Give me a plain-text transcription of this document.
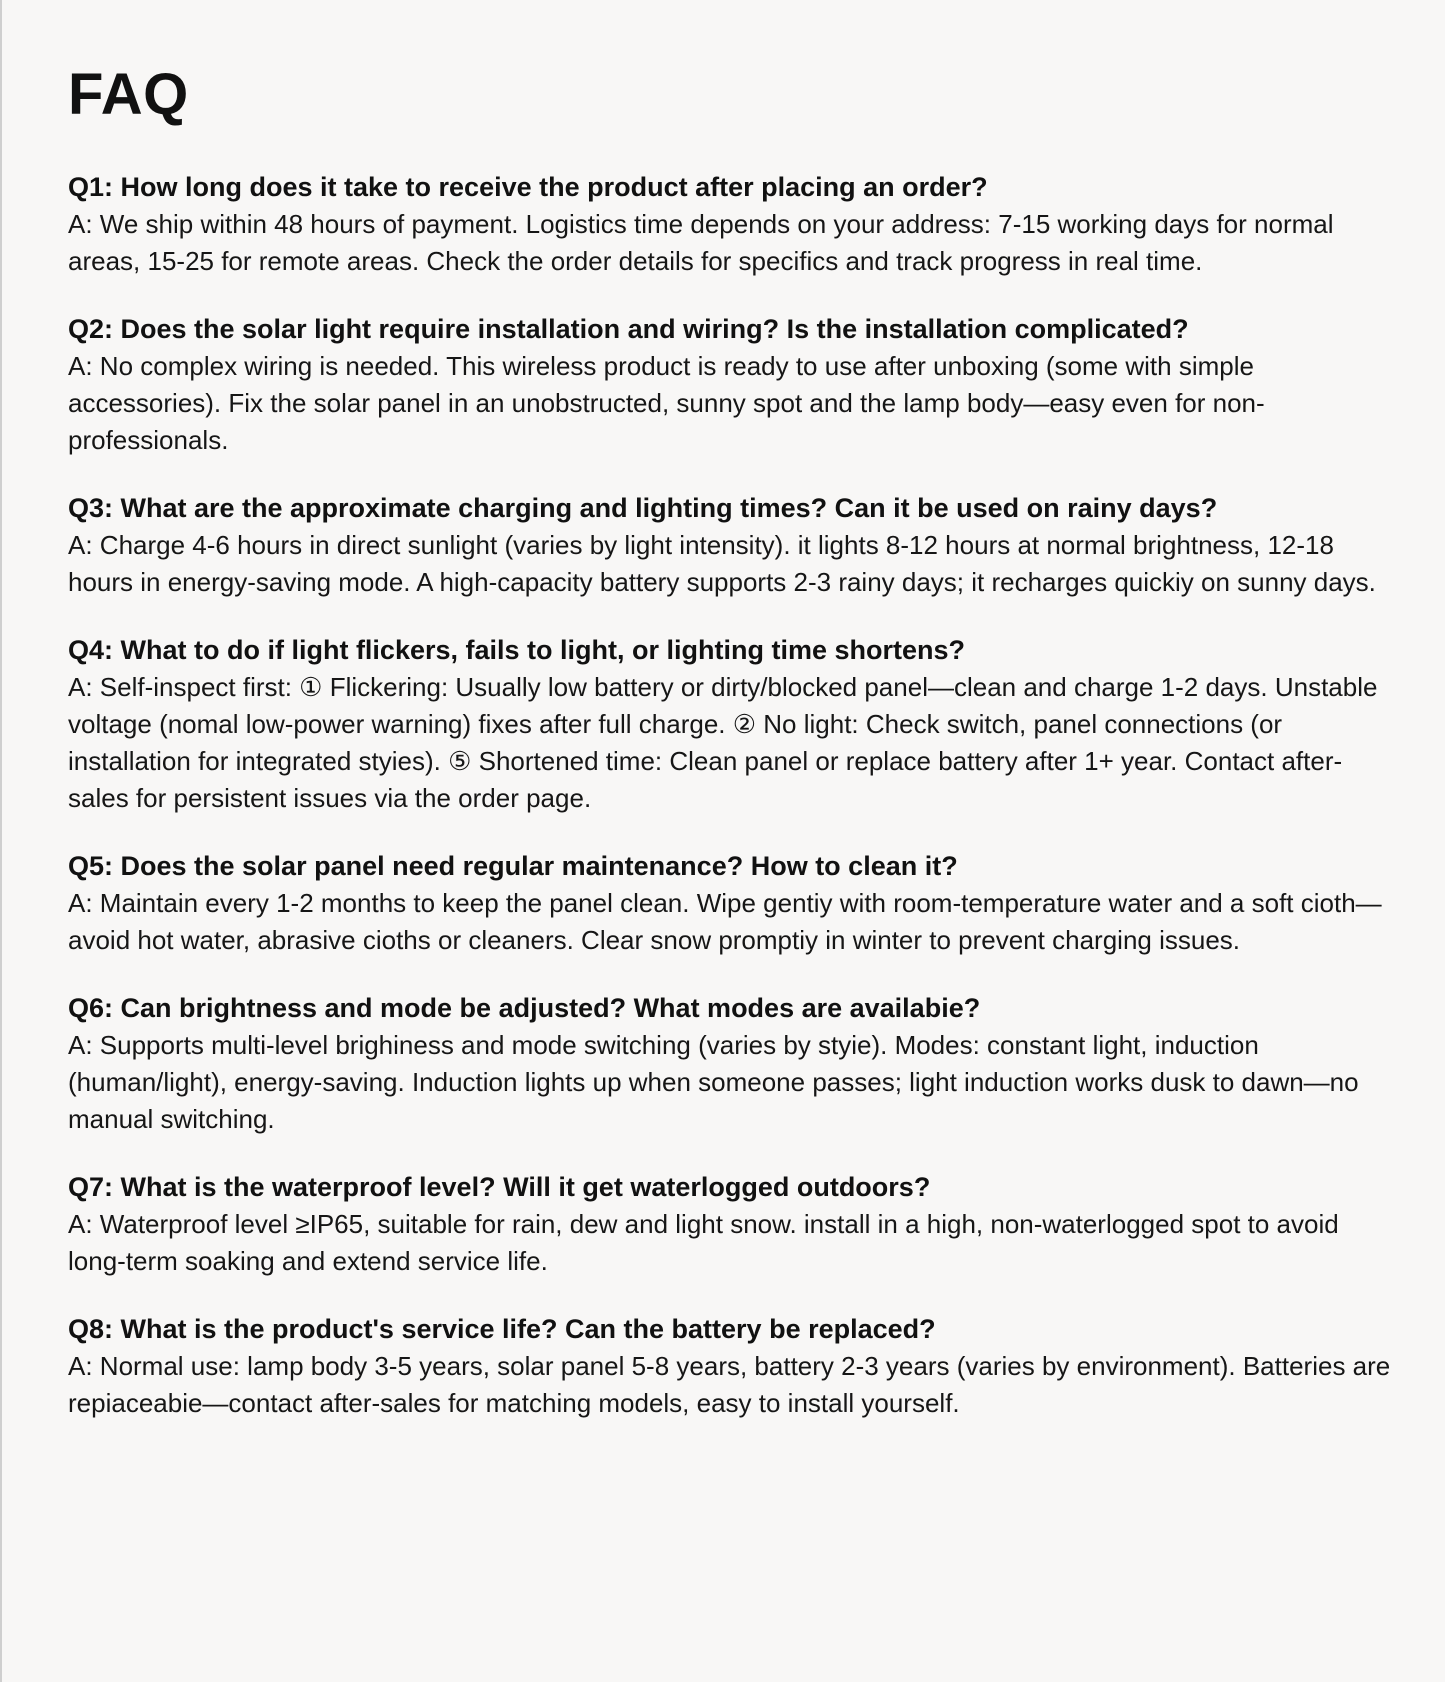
FAQ

Q1: How long does it take to receive the product after placing an order?

A: We ship within 48 hours of payment. Logistics time depends on your address: 7-15 working days for normal areas, 15-25 for remote areas. Check the order details for specifics and track progress in real time.

Q2: Does the solar light require installation and wiring? Is the installation complicated?

A: No complex wiring is needed. This wireless product is ready to use after unboxing (some with simple accessories). Fix the solar panel in an unobstructed, sunny spot and the lamp body—easy even for non-professionals.

Q3: What are the approximate charging and lighting times? Can it be used on rainy days?

A: Charge 4-6 hours in direct sunlight (varies by light intensity). it lights 8-12 hours at normal brightness, 12-18 hours in energy-saving mode. A high-capacity battery supports 2-3 rainy days; it recharges quickiy on sunny days.

Q4: What to do if light flickers, fails to light, or lighting time shortens?

A: Self-inspect first: ① Flickering: Usually low battery or dirty/blocked panel—clean and charge 1-2 days. Unstable voltage (nomal low-power warning) fixes after full charge. ② No light: Check switch, panel connections (or installation for integrated styies). ⑤ Shortened time: Clean panel or replace battery after 1+ year. Contact after-sales for persistent issues via the order page.

Q5: Does the solar panel need regular maintenance? How to clean it?

A: Maintain every 1-2 months to keep the panel clean. Wipe gentiy with room-temperature water and a soft cioth—avoid hot water, abrasive cioths or cleaners. Clear snow promptiy in winter to prevent charging issues.

Q6: Can brightness and mode be adjusted? What modes are availabie?

A: Supports multi-level brighiness and mode switching (varies by styie). Modes: constant light, induction (human/light), energy-saving. Induction lights up when someone passes; light induction works dusk to dawn—no manual switching.

Q7: What is the waterproof level? Will it get waterlogged outdoors?

A: Waterproof level ≥IP65, suitable for rain, dew and light snow. install in a high, non-waterlogged spot to avoid long-term soaking and extend service life.

Q8: What is the product's service life? Can the battery be replaced?

A: Normal use: lamp body 3-5 years, solar panel 5-8 years, battery 2-3 years (varies by environment). Batteries are repiaceabie—contact after-sales for matching models, easy to install yourself.
